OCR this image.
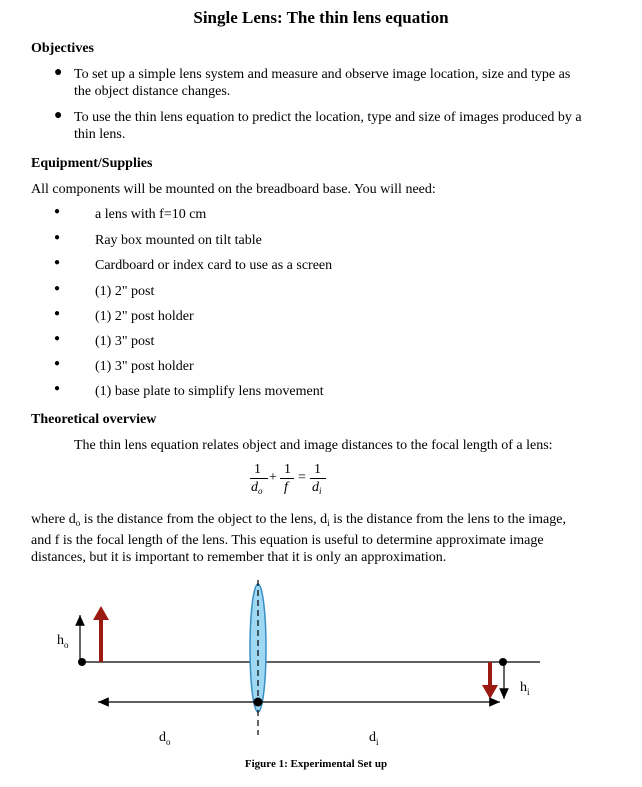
Single Lens: The thin lens equation
Objectives
● To set up a simple lens system and measure and observe image location, size and type as
the object distance changes.
● To use the thin lens equation to predict the location, type and size of images produced by a
thin lens.
Equipment/Supplies
All components will be mounted on the breadboard base. You will need:
● a lens with f=10 cm
● Ray box mounted on tilt table
● Cardboard or index card to use as a screen
● (1) 2" post
● (1) 2" post holder
● (1) 3" post
● (1) 3" post holder
● (1) base plate to simplify lens movement
Theoretical overview
The thin lens equation relates object and image distances to the focal length of a lens:
1 1 1
+ =
$d_o$ f $d_i$
where $d_o$ is the distance from the object to the lens, $d_i$ is the distance from the lens to the image,
and f is the focal length of the lens. This equation is useful to determine approximate image
distances, but it is important to remember that it is only an approximation.
$h_o$
$h_i$
$d_o$	$d_i$
Figure 1: Experimental Set up
